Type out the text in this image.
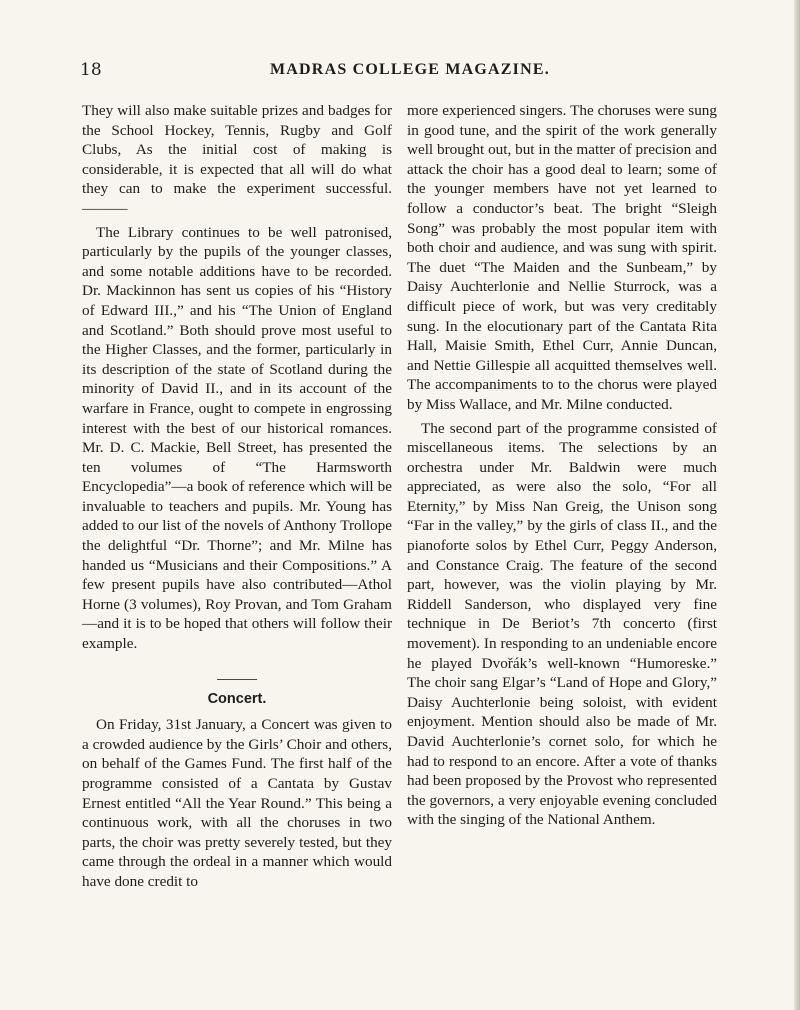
18	MADRAS COLLEGE MAGAZINE.

They will also make suitable prizes and badges for the School Hockey, Tennis, Rugby and Golf Clubs, As the initial cost of making is considerable, it is expected that all will do what they can to make the experiment successful. ———

The Library continues to be well patronised, particularly by the pupils of the younger classes, and some notable additions have to be recorded. Dr. Mackinnon has sent us copies of his “History of Edward III.,” and his “The Union of England and Scotland.” Both should prove most useful to the Higher Classes, and the former, particularly in its description of the state of Scotland during the minority of David II., and in its account of the warfare in France, ought to compete in engrossing interest with the best of our historical romances. Mr. D. C. Mackie, Bell Street, has presented the ten volumes of “The Harmsworth Encyclopedia”—a book of reference which will be invaluable to teachers and pupils. Mr. Young has added to our list of the novels of Anthony Trollope the delightful “Dr. Thorne”; and Mr. Milne has handed us “Musicians and their Compositions.” A few present pupils have also contributed—Athol Horne (3 volumes), Roy Provan, and Tom Graham—and it is to be hoped that others will follow their example.

Concert.

On Friday, 31st January, a Concert was given to a crowded audience by the Girls’ Choir and others, on behalf of the Games Fund. The first half of the programme consisted of a Cantata by Gustav Ernest entitled “All the Year Round.” This being a continuous work, with all the choruses in two parts, the choir was pretty severely tested, but they came through the ordeal in a manner which would have done credit to

more experienced singers. The choruses were sung in good tune, and the spirit of the work generally well brought out, but in the matter of precision and attack the choir has a good deal to learn; some of the younger members have not yet learned to follow a conductor’s beat. The bright “Sleigh Song” was probably the most popular item with both choir and audience, and was sung with spirit. The duet “The Maiden and the Sunbeam,” by Daisy Auchterlonie and Nellie Sturrock, was a difficult piece of work, but was very creditably sung. In the elocutionary part of the Cantata Rita Hall, Maisie Smith, Ethel Curr, Annie Duncan, and Nettie Gillespie all acquitted themselves well. The accompaniments to to the chorus were played by Miss Wallace, and Mr. Milne conducted.

The second part of the programme consisted of miscellaneous items. The selections by an orchestra under Mr. Baldwin were much appreciated, as were also the solo, “For all Eternity,” by Miss Nan Greig, the Unison song “Far in the valley,” by the girls of class II., and the pianoforte solos by Ethel Curr, Peggy Anderson, and Constance Craig. The feature of the second part, however, was the violin playing by Mr. Riddell Sanderson, who displayed very fine technique in De Beriot’s 7th concerto (first movement). In responding to an undeniable encore he played Dvořák’s well-known “Humoreske.” The choir sang Elgar’s “Land of Hope and Glory,” Daisy Auchterlonie being soloist, with evident enjoyment. Mention should also be made of Mr. David Auchterlonie’s cornet solo, for which he had to respond to an encore. After a vote of thanks had been proposed by the Provost who represented the governors, a very enjoyable evening concluded with the singing of the National Anthem.
